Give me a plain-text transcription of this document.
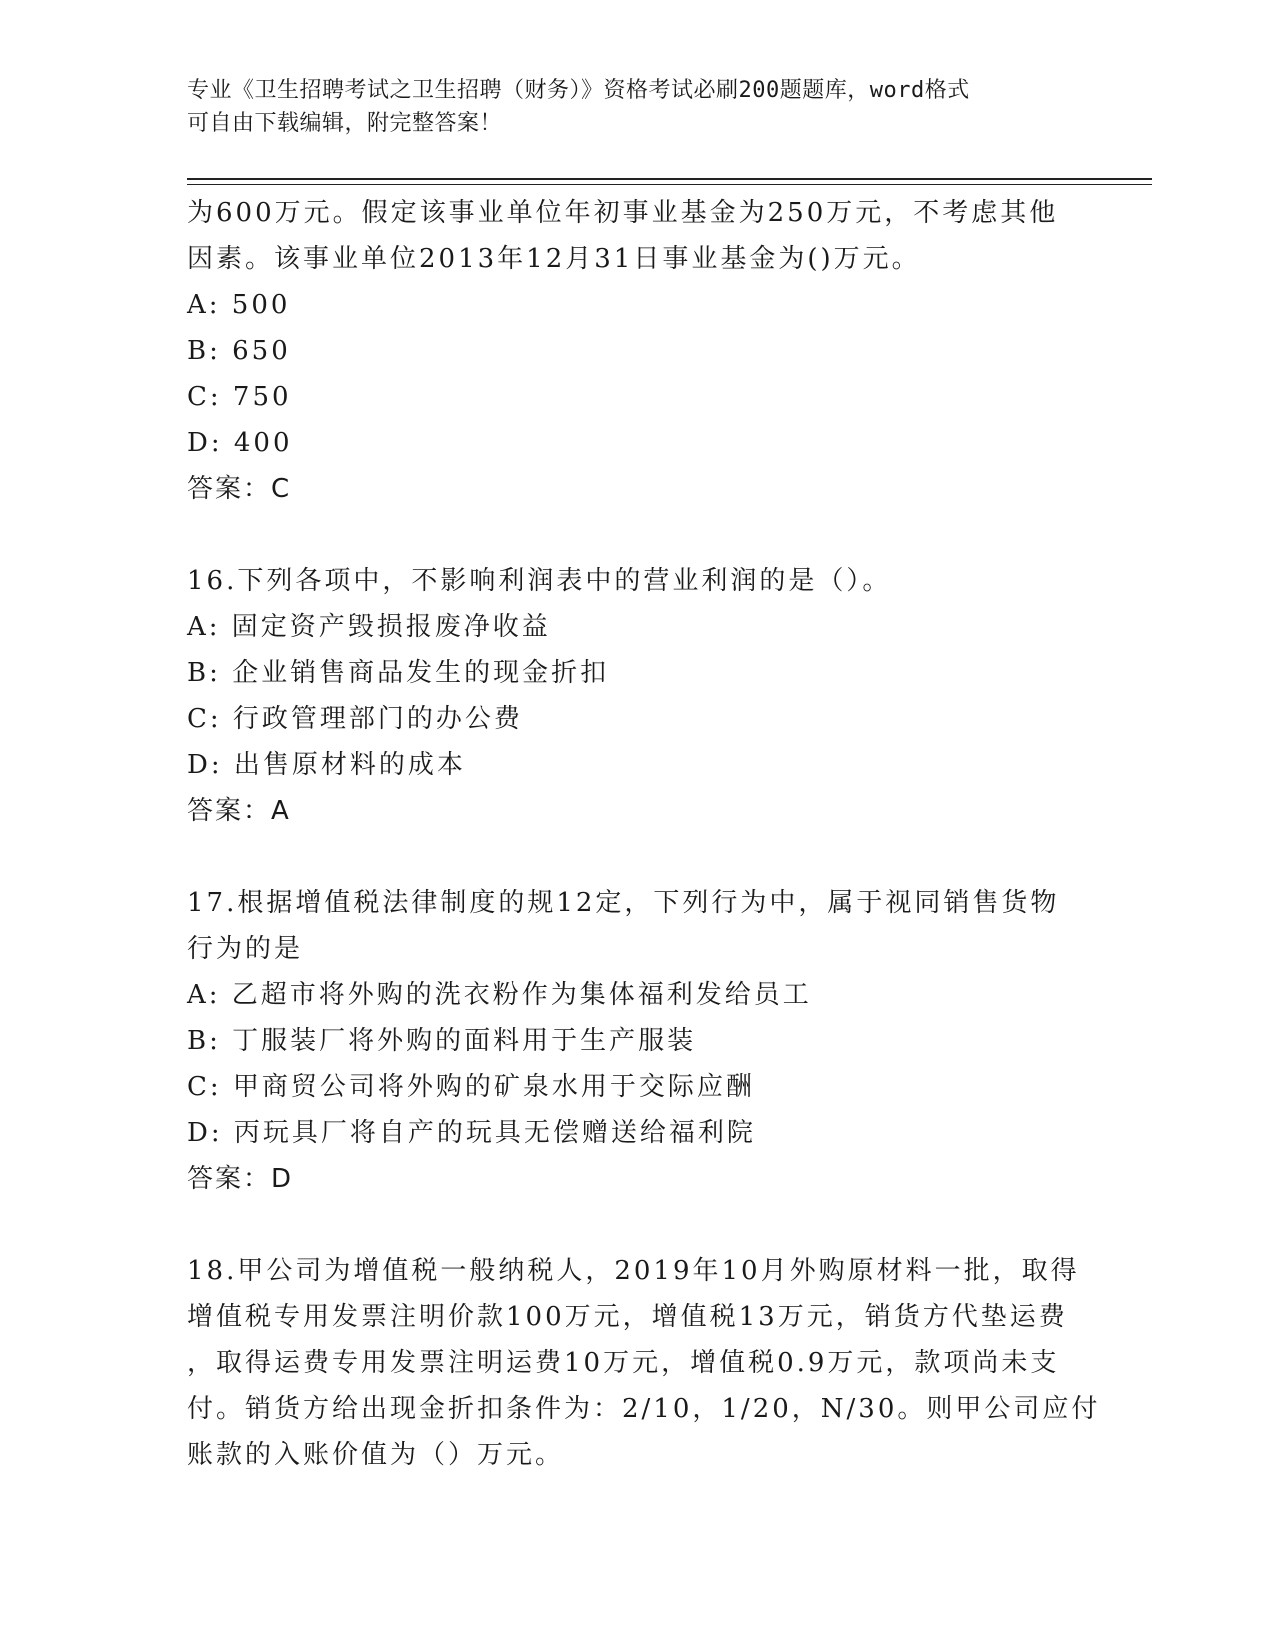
专业《卫生招聘考试之卫生招聘（财务）》资格考试必刷200题题库，word格式
可自由下载编辑，附完整答案！
为600万元。假定该事业单位年初事业基金为250万元，不考虑其他
因素。该事业单位2013年12月31日事业基金为()万元。
A: 500
B: 650
C: 750
D: 400
答案：C
16.下列各项中，不影响利润表中的营业利润的是（）。
A: 固定资产毁损报废净收益
B: 企业销售商品发生的现金折扣
C: 行政管理部门的办公费
D: 出售原材料的成本
答案：A
17.根据增值税法律制度的规12定，下列行为中，属于视同销售货物
行为的是
A: 乙超市将外购的洗衣粉作为集体福利发给员工
B: 丁服装厂将外购的面料用于生产服装
C: 甲商贸公司将外购的矿泉水用于交际应酬
D: 丙玩具厂将自产的玩具无偿赠送给福利院
答案：D
18.甲公司为增值税一般纳税人，2019年10月外购原材料一批，取得
增值税专用发票注明价款100万元，增值税13万元，销货方代垫运费
，取得运费专用发票注明运费10万元，增值税0.9万元，款项尚未支
付。销货方给出现金折扣条件为：2/10，1/20，N/30。则甲公司应付
账款的入账价值为（）万元。
